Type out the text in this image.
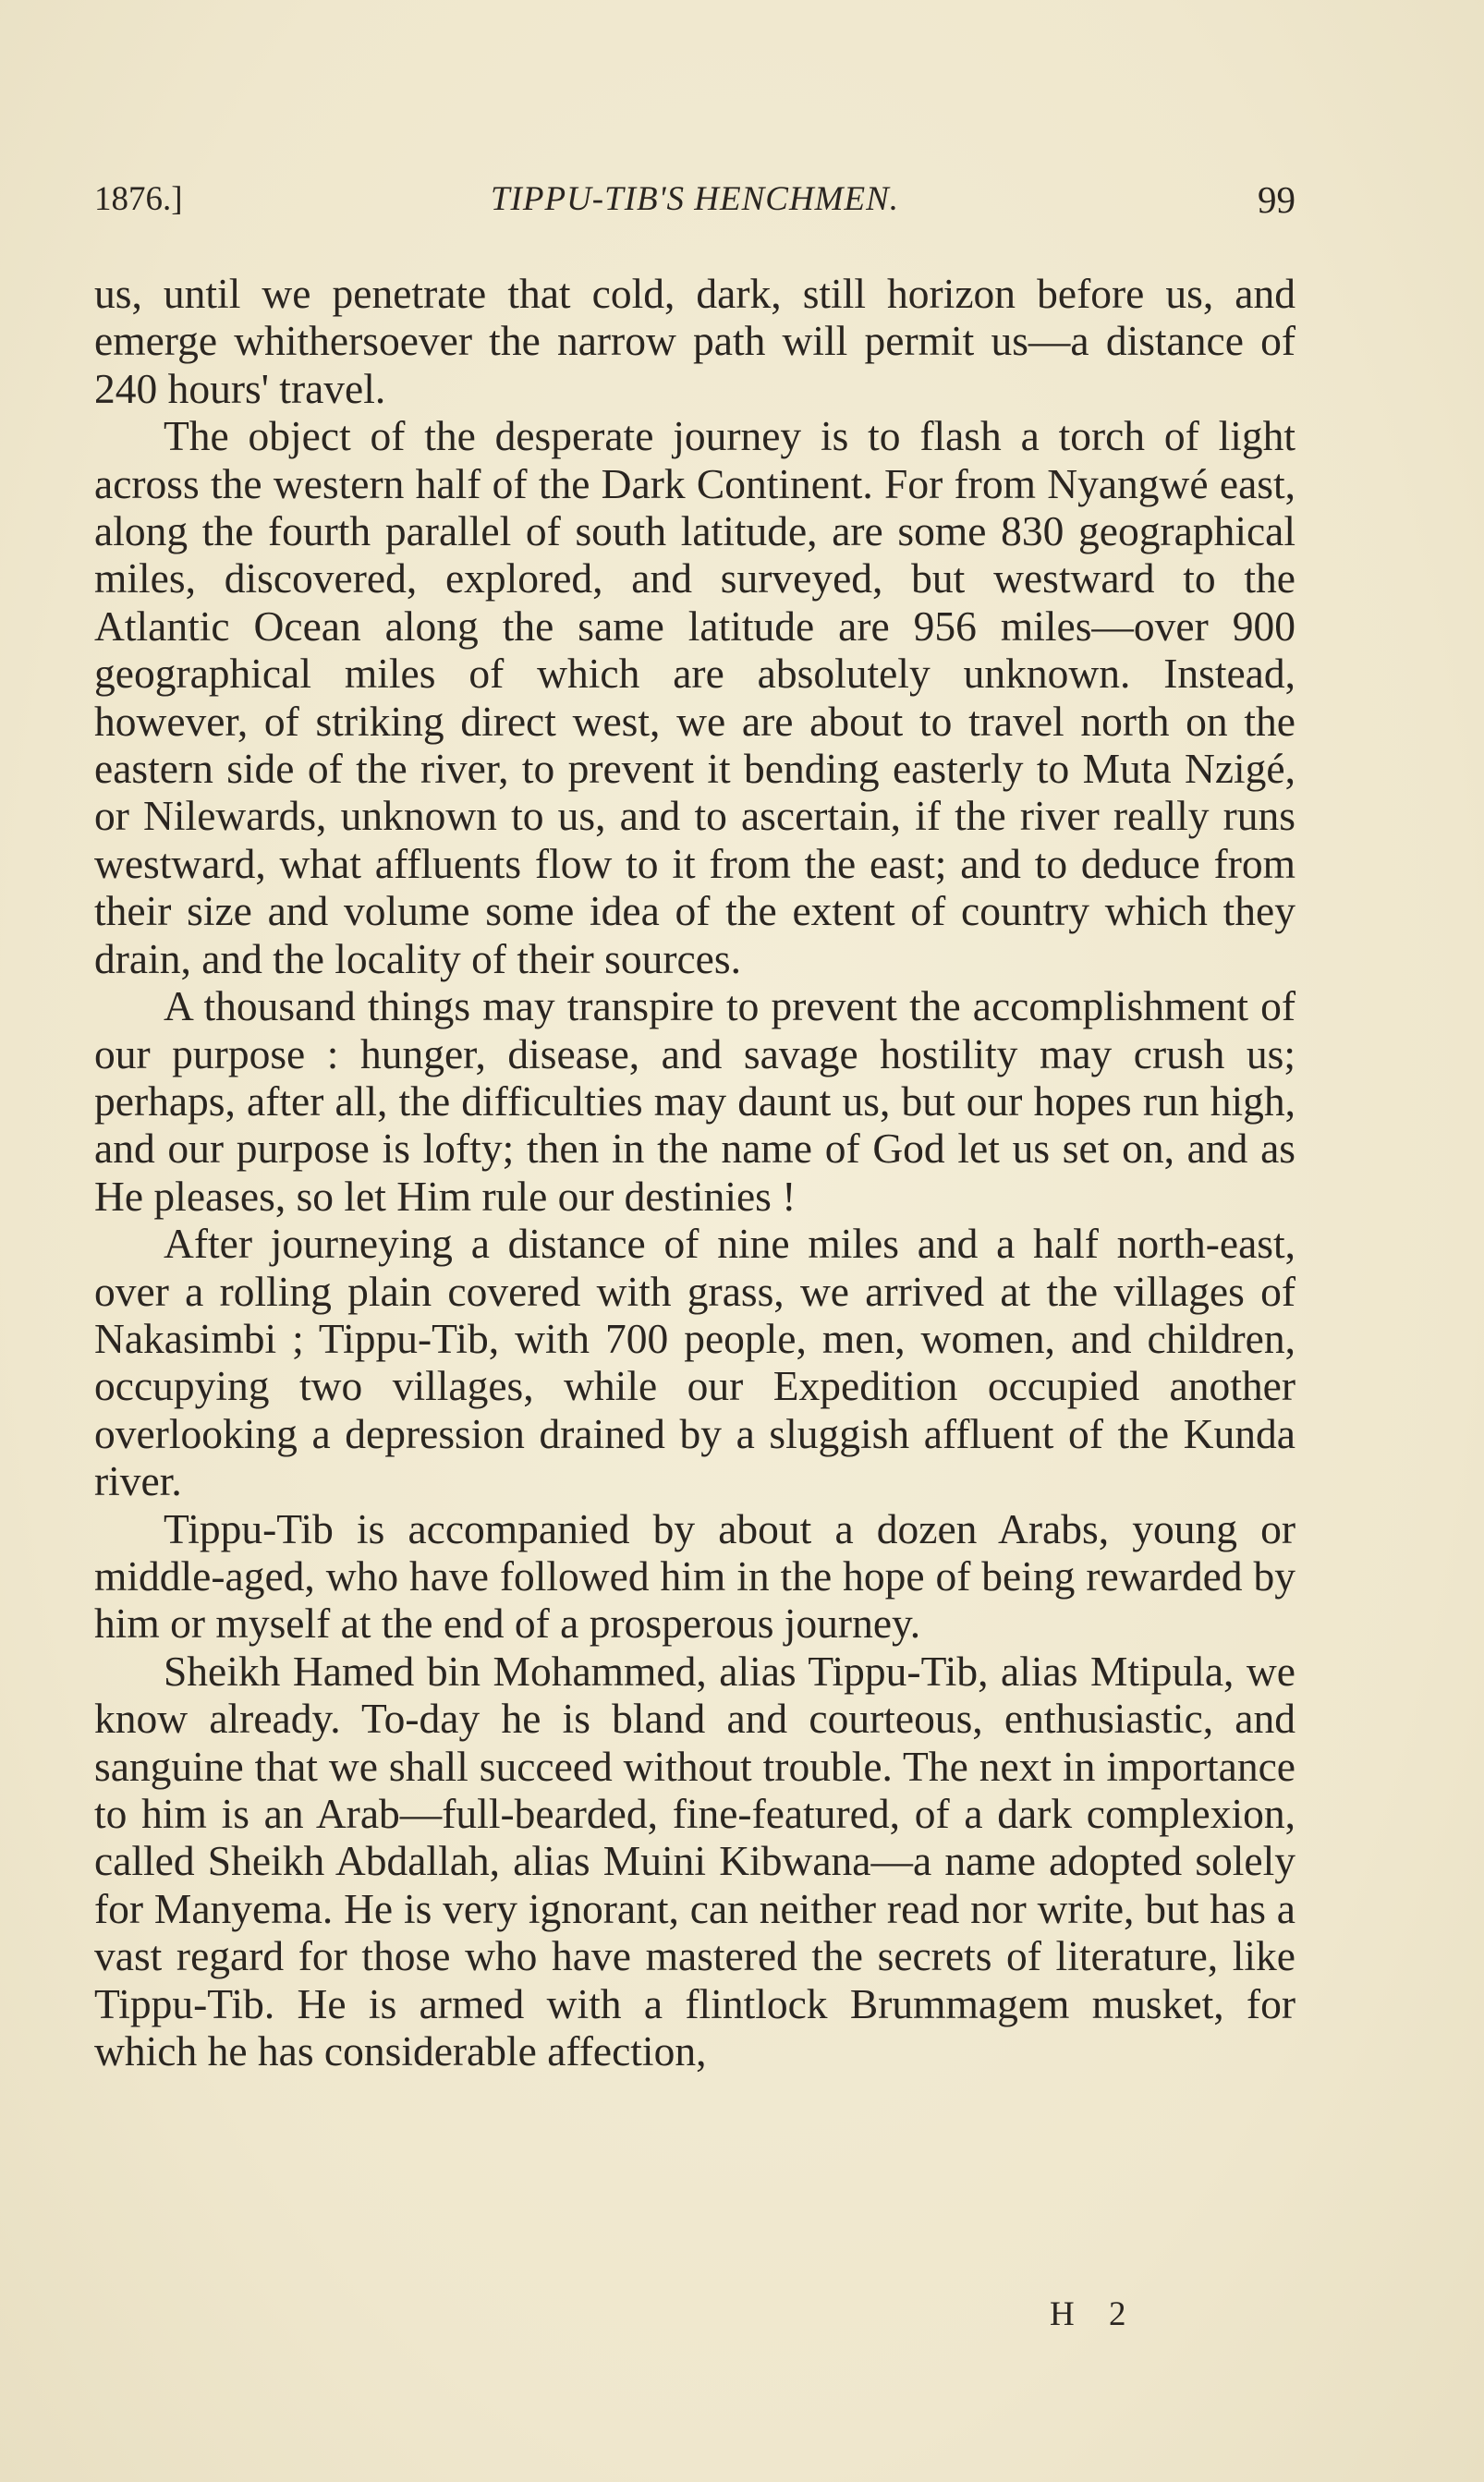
1876.]	TIPPU-TIB'S HENCHMEN.	99

us, until we penetrate that cold, dark, still horizon before us, and emerge whithersoever the narrow path will permit us—a distance of 240 hours' travel.

The object of the desperate journey is to flash a torch of light across the western half of the Dark Continent. For from Nyangwé east, along the fourth parallel of south latitude, are some 830 geographical miles, discovered, explored, and surveyed, but westward to the Atlantic Ocean along the same latitude are 956 miles—over 900 geographical miles of which are absolutely unknown. Instead, however, of striking direct west, we are about to travel north on the eastern side of the river, to prevent it bending easterly to Muta Nzigé, or Nilewards, unknown to us, and to ascertain, if the river really runs westward, what affluents flow to it from the east; and to deduce from their size and volume some idea of the extent of country which they drain, and the locality of their sources.

A thousand things may transpire to prevent the accomplishment of our purpose : hunger, disease, and savage hostility may crush us; perhaps, after all, the difficulties may daunt us, but our hopes run high, and our purpose is lofty; then in the name of God let us set on, and as He pleases, so let Him rule our destinies !

After journeying a distance of nine miles and a half north-east, over a rolling plain covered with grass, we arrived at the villages of Nakasimbi ; Tippu-Tib, with 700 people, men, women, and children, occupying two villages, while our Expedition occupied another overlooking a depression drained by a sluggish affluent of the Kunda river.

Tippu-Tib is accompanied by about a dozen Arabs, young or middle-aged, who have followed him in the hope of being rewarded by him or myself at the end of a prosperous journey.

Sheikh Hamed bin Mohammed, alias Tippu-Tib, alias Mtipula, we know already. To-day he is bland and courteous, enthusiastic, and sanguine that we shall succeed without trouble. The next in importance to him is an Arab—full-bearded, fine-featured, of a dark complexion, called Sheikh Abdallah, alias Muini Kibwana—a name adopted solely for Manyema. He is very ignorant, can neither read nor write, but has a vast regard for those who have mastered the secrets of literature, like Tippu-Tib. He is armed with a flintlock Brummagem musket, for which he has considerable affection,

H 2
